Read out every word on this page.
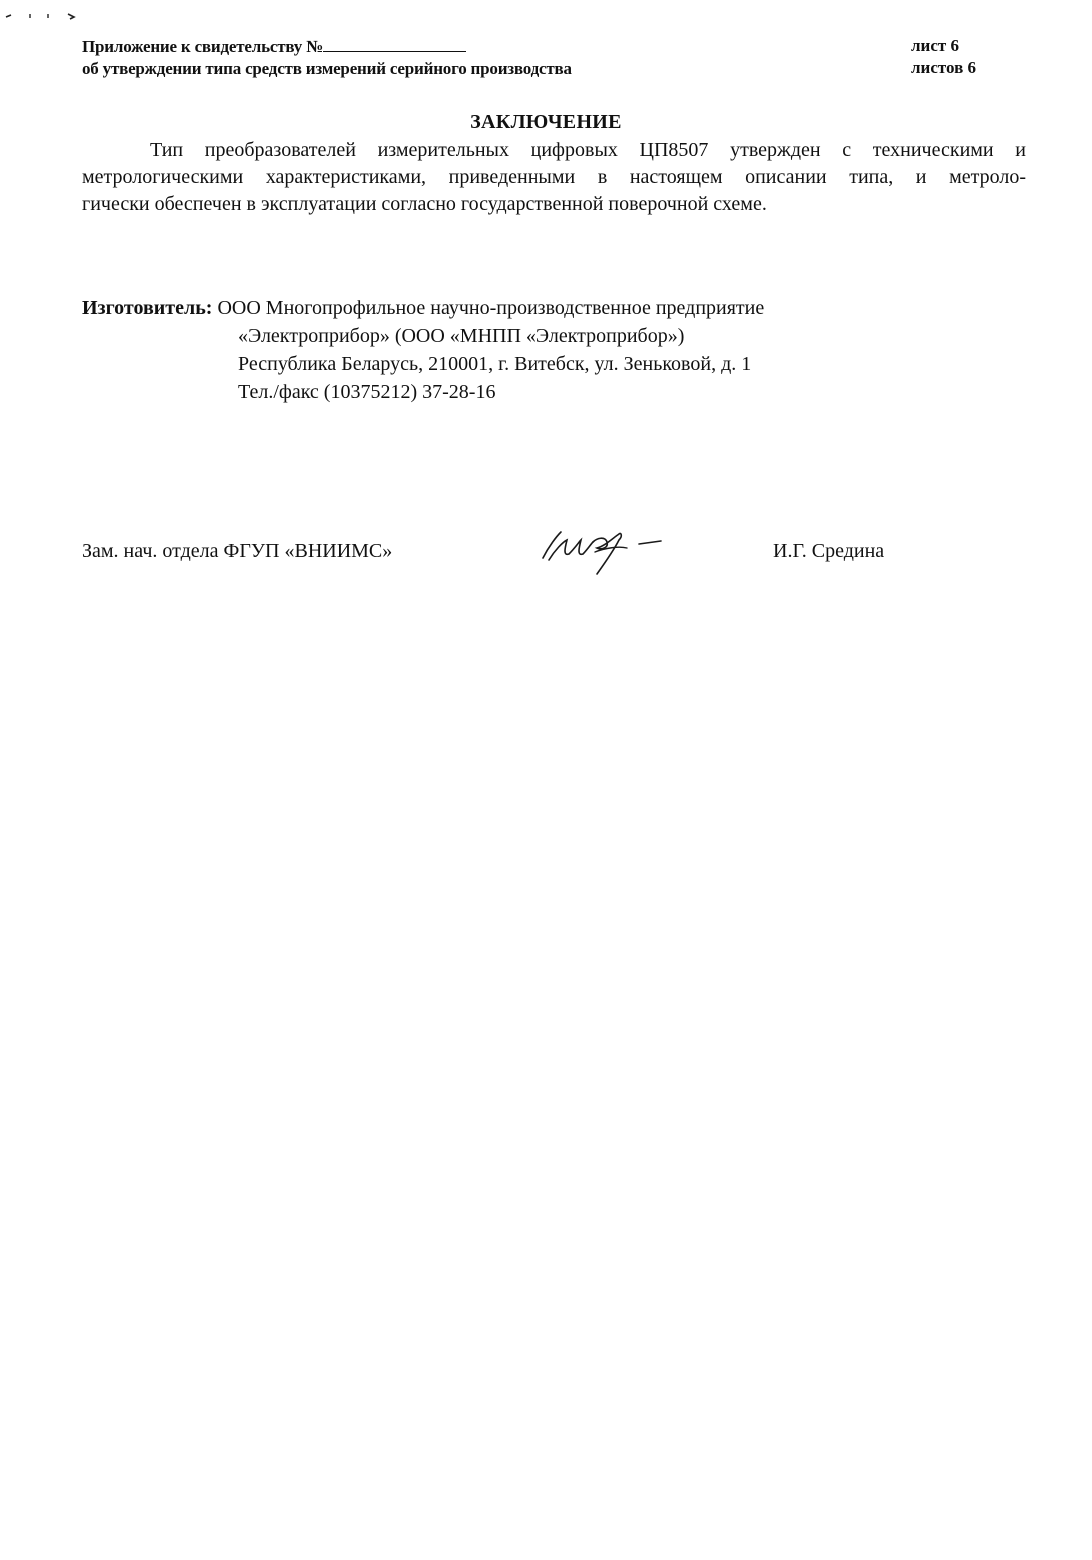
Приложение к свидетельству №
об утверждении типа средств измерений серийного производства
лист 6
листов 6
ЗАКЛЮЧЕНИЕ
Тип преобразователей измерительных цифровых ЦП8507 утвержден с техническими и
метрологическими характеристиками, приведенными в настоящем описании типа, и метроло-
гически обеспечен в эксплуатации согласно государственной поверочной схеме.
Изготовитель: ООО Многопрофильное научно-производственное предприятие
«Электроприбор» (ООО «МНПП «Электроприбор»)
Республика Беларусь, 210001, г. Витебск, ул. Зеньковой, д. 1
Тел./факс (10375212) 37-28-16
Зам. нач. отдела ФГУП «ВНИИМС»	И.Г. Средина
